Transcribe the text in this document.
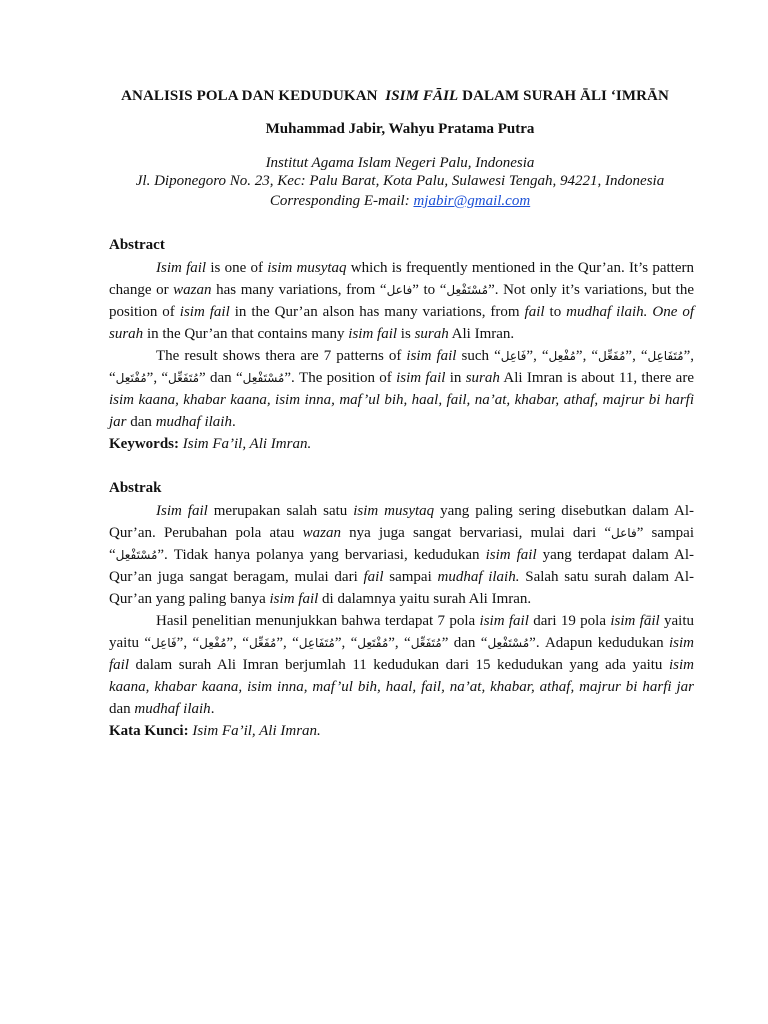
ANALISIS POLA DAN KEDUDUKAN ISIM FĀIL DALAM SURAH ĀLI ‘IMRĀN
Muhammad Jabir, Wahyu Pratama Putra
Institut Agama Islam Negeri Palu, Indonesia
Jl. Diponegoro No. 23, Kec: Palu Barat, Kota Palu, Sulawesi Tengah, 94221, Indonesia
Corresponding E-mail: mjabir@gmail.com
Abstract

Isim fail is one of isim musytaq which is frequently mentioned in the Qur’an. It’s pattern change or wazan has many variations, from “فاعل” to “مُسْتَفْعِل”. Not only it’s variations, but the position of isim fail in the Qur’an alson has many variations, from fail to mudhaf ilaih. One of surah in the Qur’an that contains many isim fail is surah Ali Imran.

The result shows thera are 7 patterns of isim fail such “فَاعِل”, “مُفْعِل”, “مُفَعِّل”, “مُتَفَاعِل”, “مُفْتَعِل”, “مُتَفَعِّل” dan “مُسْتَفْعِل”. The position of isim fail in surah Ali Imran is about 11, there are isim kaana, khabar kaana, isim inna, maf’ul bih, haal, fail, na’at, khabar, athaf, majrur bi harfi jar dan mudhaf ilaih.

Keywords: Isim Fa’il, Ali Imran.

Abstrak

Isim fail merupakan salah satu isim musytaq yang paling sering disebutkan dalam Al-Qur’an. Perubahan pola atau wazan nya juga sangat bervariasi, mulai dari “فاعل” sampai “مُسْتَفْعِل”. Tidak hanya polanya yang bervariasi, kedudukan isim fail yang terdapat dalam Al-Qur’an juga sangat beragam, mulai dari fail sampai mudhaf ilaih. Salah satu surah dalam Al-Qur’an yang paling banya isim fail di dalamnya yaitu surah Ali Imran.

Hasil penelitian menunjukkan bahwa terdapat 7 pola isim fail dari 19 pola isim fāil yaitu yaitu “فَاعِل”, “مُفْعِل”, “مُفَعِّل”, “مُتَفَاعِل”, “مُفْتَعِل”, “مُتَفَعِّل” dan “مُسْتَفْعِل”. Adapun kedudukan isim fail dalam surah Ali Imran berjumlah 11 kedudukan dari 15 kedudukan yang ada yaitu isim kaana, khabar kaana, isim inna, maf’ul bih, haal, fail, na’at, khabar, athaf, majrur bi harfi jar dan mudhaf ilaih.

Kata Kunci: Isim Fa’il, Ali Imran.
